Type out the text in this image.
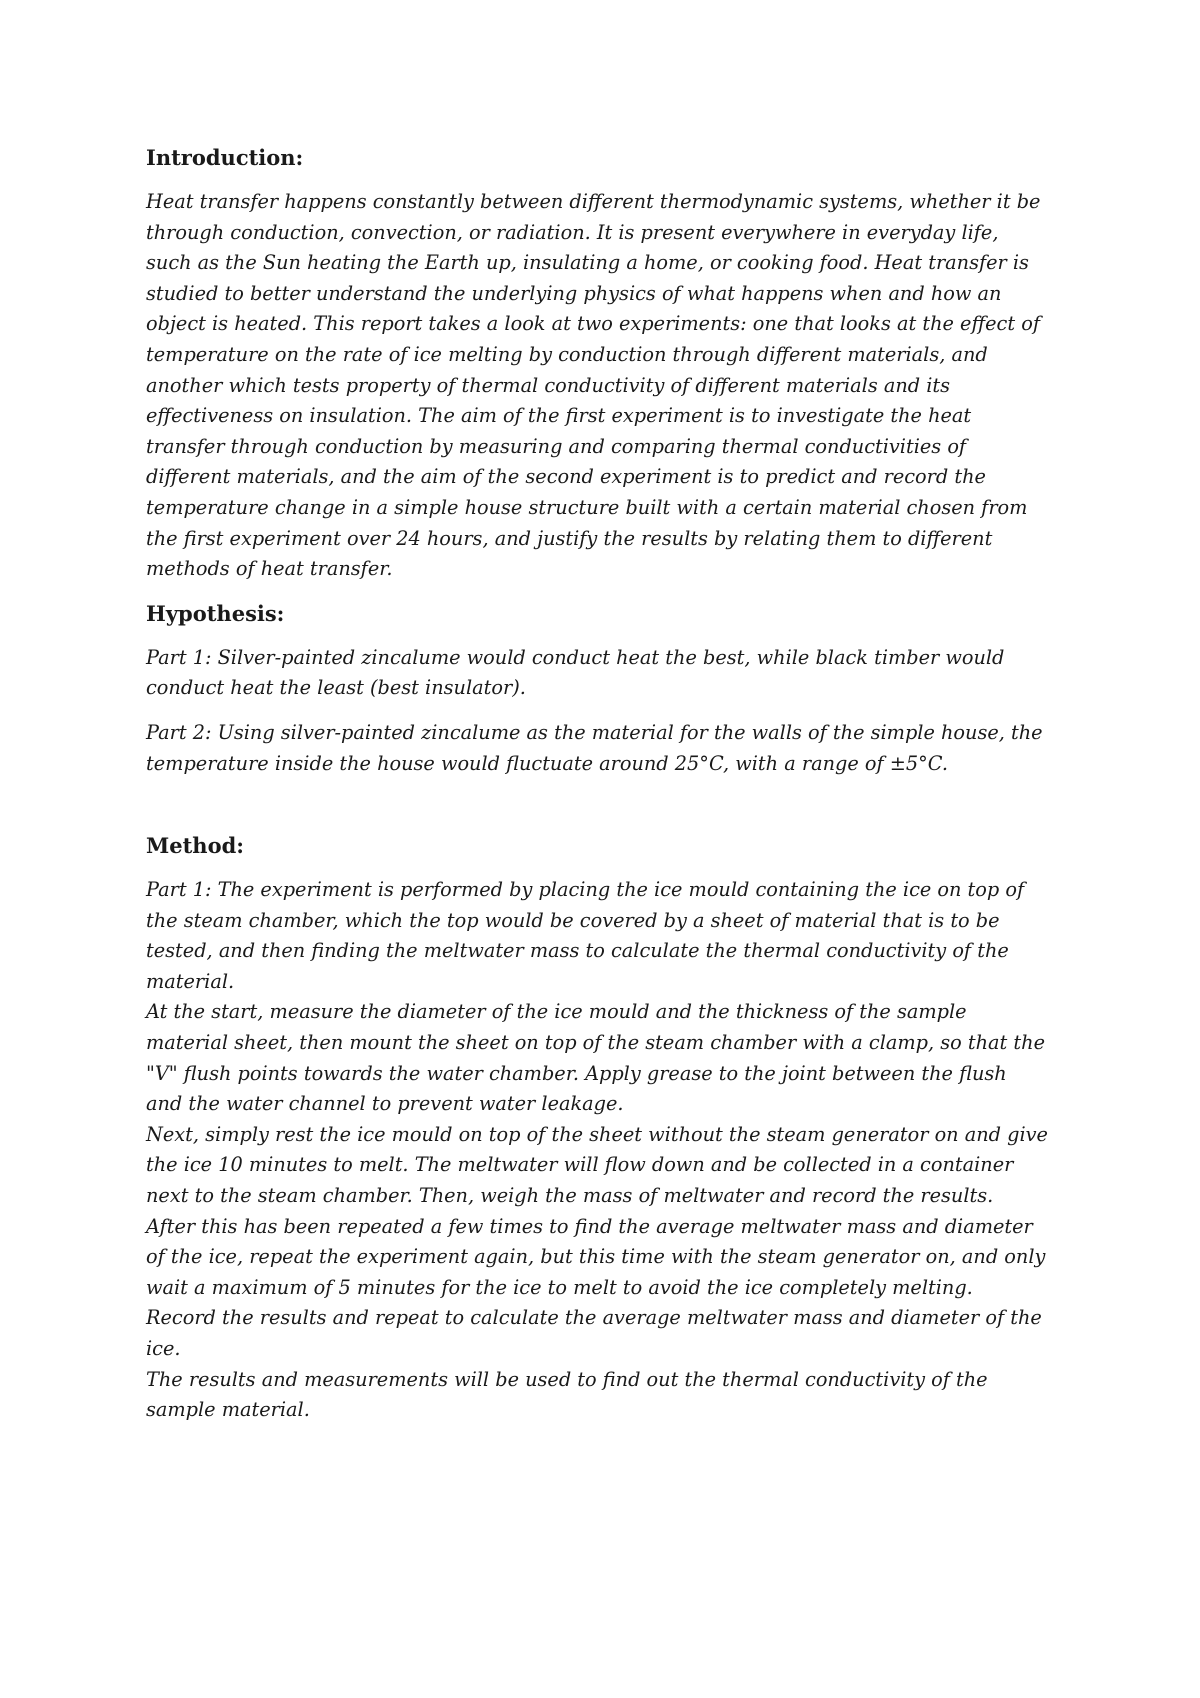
Introduction:
Heat transfer happens constantly between different thermodynamic systems, whether it be
through conduction, convection, or radiation. It is present everywhere in everyday life,
such as the Sun heating the Earth up, insulating a home, or cooking food. Heat transfer is
studied to better understand the underlying physics of what happens when and how an
object is heated. This report takes a look at two experiments: one that looks at the effect of
temperature on the rate of ice melting by conduction through different materials, and
another which tests property of thermal conductivity of different materials and its
effectiveness on insulation. The aim of the first experiment is to investigate the heat
transfer through conduction by measuring and comparing thermal conductivities of
different materials, and the aim of the second experiment is to predict and record the
temperature change in a simple house structure built with a certain material chosen from
the first experiment over 24 hours, and justify the results by relating them to different
methods of heat transfer.
Hypothesis:
Part 1: Silver-painted zincalume would conduct heat the best, while black timber would
conduct heat the least (best insulator).
Part 2: Using silver-painted zincalume as the material for the walls of the simple house, the
temperature inside the house would fluctuate around 25°C, with a range of ±5°C.
Method:
Part 1: The experiment is performed by placing the ice mould containing the ice on top of
the steam chamber, which the top would be covered by a sheet of material that is to be
tested, and then finding the meltwater mass to calculate the thermal conductivity of the
material.
At the start, measure the diameter of the ice mould and the thickness of the sample
material sheet, then mount the sheet on top of the steam chamber with a clamp, so that the
"V" flush points towards the water chamber. Apply grease to the joint between the flush
and the water channel to prevent water leakage.
Next, simply rest the ice mould on top of the sheet without the steam generator on and give
the ice 10 minutes to melt. The meltwater will flow down and be collected in a container
next to the steam chamber. Then, weigh the mass of meltwater and record the results.
After this has been repeated a few times to find the average meltwater mass and diameter
of the ice, repeat the experiment again, but this time with the steam generator on, and only
wait a maximum of 5 minutes for the ice to melt to avoid the ice completely melting.
Record the results and repeat to calculate the average meltwater mass and diameter of the
ice.
The results and measurements will be used to find out the thermal conductivity of the
sample material.
